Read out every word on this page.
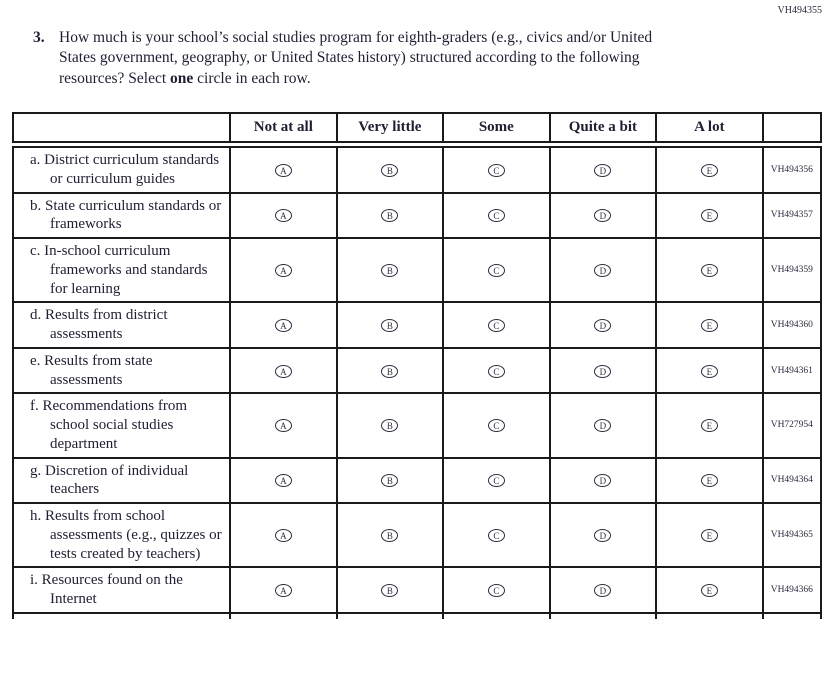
VH494355
3. How much is your school’s social studies program for eighth-graders (e.g., civics and/or United States government, geography, or United States history) structured according to the following resources? Select one circle in each row.
	Not at all	Very little	Some	Quite a bit	A lot	
a. District curriculum standards or curriculum guides	A	B	C	D	E	VH494356
b. State curriculum standards or frameworks	A	B	C	D	E	VH494357
c. In-school curriculum frameworks and standards for learning	A	B	C	D	E	VH494359
d. Results from district assessments	A	B	C	D	E	VH494360
e. Results from state assessments	A	B	C	D	E	VH494361
f. Recommendations from school social studies department	A	B	C	D	E	VH727954
g. Discretion of individual teachers	A	B	C	D	E	VH494364
h. Results from school assessments (e.g., quizzes or tests created by teachers)	A	B	C	D	E	VH494365
i. Resources found on the Internet	A	B	C	D	E	VH494366
